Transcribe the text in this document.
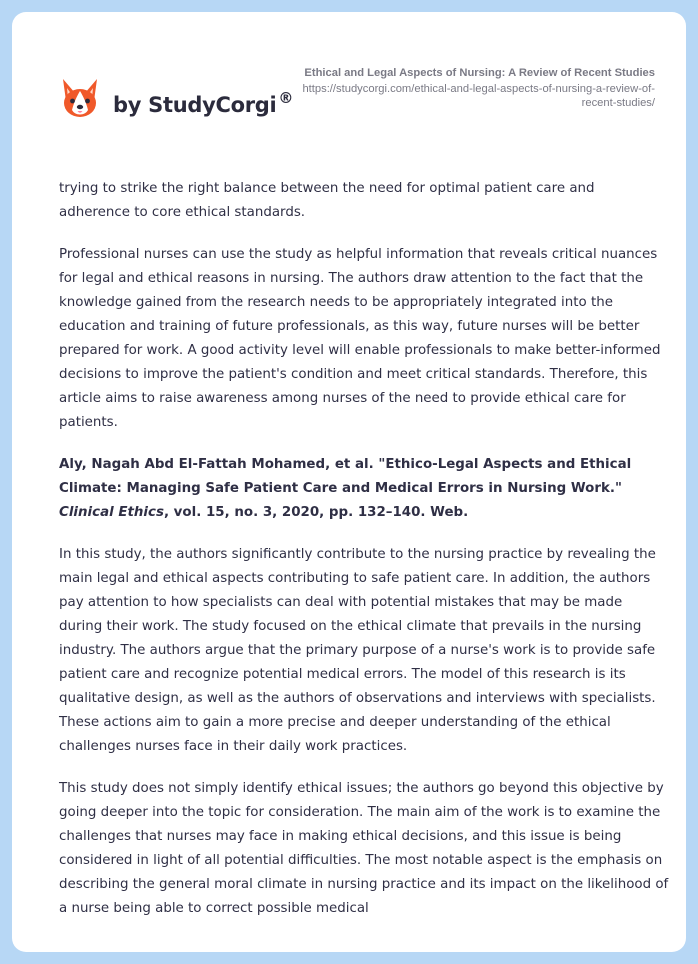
by StudyCorgi ®
Ethical and Legal Aspects of Nursing: A Review of Recent Studies
https://studycorgi.com/ethical-and-legal-aspects-of-nursing-a-review-of-recent-studies/

trying to strike the right balance between the need for optimal patient care and adherence to core ethical standards.

Professional nurses can use the study as helpful information that reveals critical nuances for legal and ethical reasons in nursing. The authors draw attention to the fact that the knowledge gained from the research needs to be appropriately integrated into the education and training of future professionals, as this way, future nurses will be better prepared for work. A good activity level will enable professionals to make better-informed decisions to improve the patient's condition and meet critical standards. Therefore, this article aims to raise awareness among nurses of the need to provide ethical care for patients.

Aly, Nagah Abd El-Fattah Mohamed, et al. "Ethico-Legal Aspects and Ethical Climate: Managing Safe Patient Care and Medical Errors in Nursing Work." Clinical Ethics, vol. 15, no. 3, 2020, pp. 132–140. Web.

In this study, the authors significantly contribute to the nursing practice by revealing the main legal and ethical aspects contributing to safe patient care. In addition, the authors pay attention to how specialists can deal with potential mistakes that may be made during their work. The study focused on the ethical climate that prevails in the nursing industry. The authors argue that the primary purpose of a nurse's work is to provide safe patient care and recognize potential medical errors. The model of this research is its qualitative design, as well as the authors of observations and interviews with specialists. These actions aim to gain a more precise and deeper understanding of the ethical challenges nurses face in their daily work practices.

This study does not simply identify ethical issues; the authors go beyond this objective by going deeper into the topic for consideration. The main aim of the work is to examine the challenges that nurses may face in making ethical decisions, and this issue is being considered in light of all potential difficulties. The most notable aspect is the emphasis on describing the general moral climate in nursing practice and its impact on the likelihood of a nurse being able to correct possible medical
